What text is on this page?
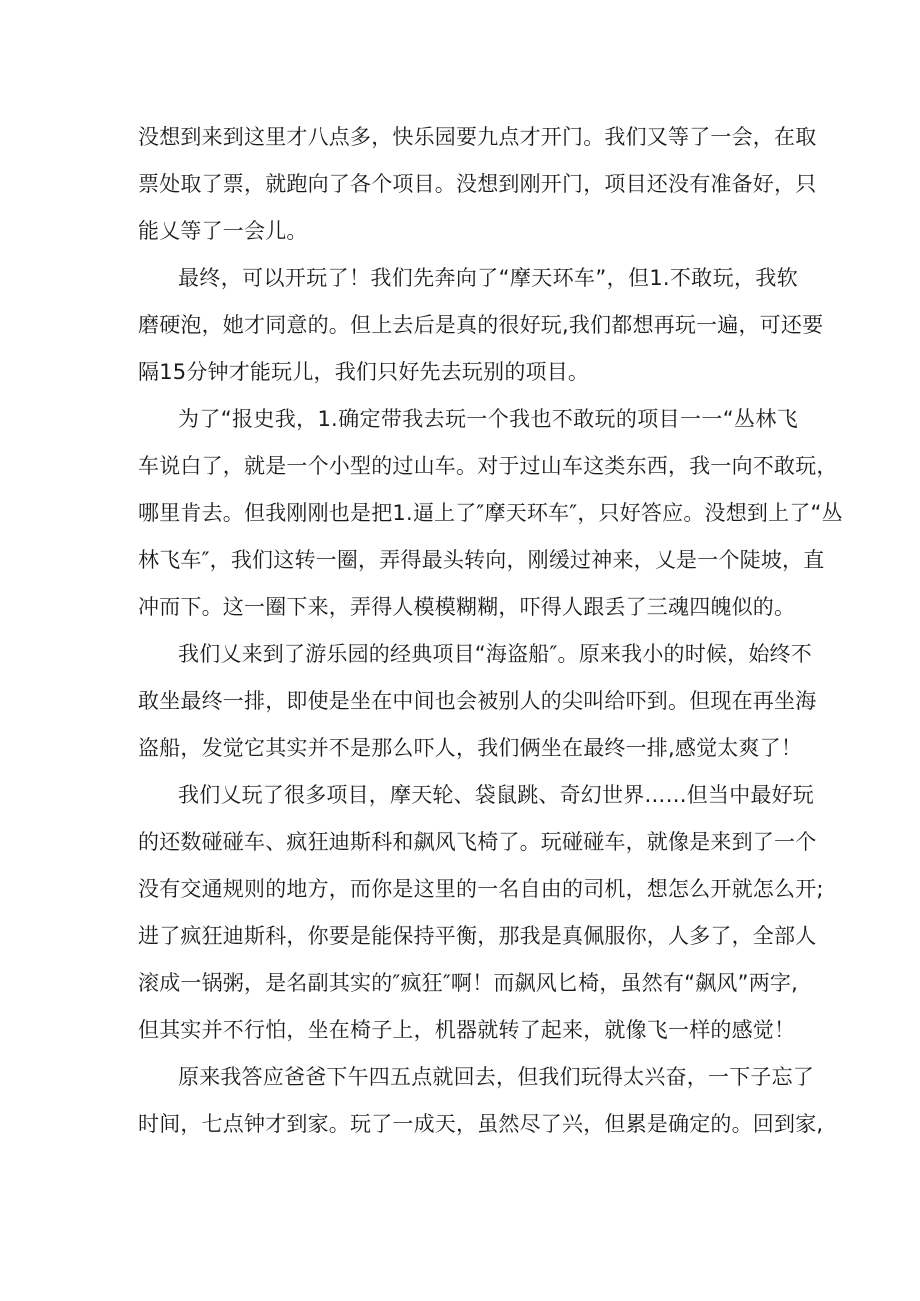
没想到来到这里才八点多，快乐园要九点才开门。我们又等了一会，在取
票处取了票，就跑向了各个项目。没想到刚开门，项目还没有准备好，只
能乂等了一会儿。
最终，可以开玩了！我们先奔向了“摩天环车”，但1.不敢玩，我软
磨硬泡，她才同意的。但上去后是真的很好玩,我们都想再玩一遍，可还要
隔15分钟才能玩儿，我们只好先去玩别的项目。
为了“报史我，1.确定带我去玩一个我也不敢玩的项目一一“丛林飞
车说白了，就是一个小型的过山车。对于过山车这类东西，我一向不敢玩，
哪里肯去。但我刚刚也是把1.逼上了″摩天环车″，只好答应。没想到上了“丛
林飞车″，我们这转一圈，弄得最头转向，刚缓过神来，乂是一个陡坡，直
冲而下。这一圈下来，弄得人模模糊糊，吓得人跟丢了三魂四魄似的。
我们乂来到了游乐园的经典项目“海盗船″。原来我小的时候，始终不
敢坐最终一排，即使是坐在中间也会被别人的尖叫给吓到。但现在再坐海
盗船，发觉它其实并不是那么吓人，我们俩坐在最终一排,感觉太爽了！
我们乂玩了很多项目，摩天轮、袋鼠跳、奇幻世界……但当中最好玩
的还数碰碰车、疯狂迪斯科和飙风飞椅了。玩碰碰车，就像是来到了一个
没有交通规则的地方，而你是这里的一名自由的司机，想怎么开就怎么开;
进了疯狂迪斯科，你要是能保持平衡，那我是真佩服你，人多了，全部人
滚成一锅粥，是名副其实的″疯狂″啊！而飙风匕椅，虽然有“飙风”两字,
但其实并不行怕，坐在椅子上，机器就转了起来，就像飞一样的感觉！
原来我答应爸爸下午四五点就回去，但我们玩得太兴奋，一下子忘了
时间，七点钟才到家。玩了一成天，虽然尽了兴，但累是确定的。回到家,
